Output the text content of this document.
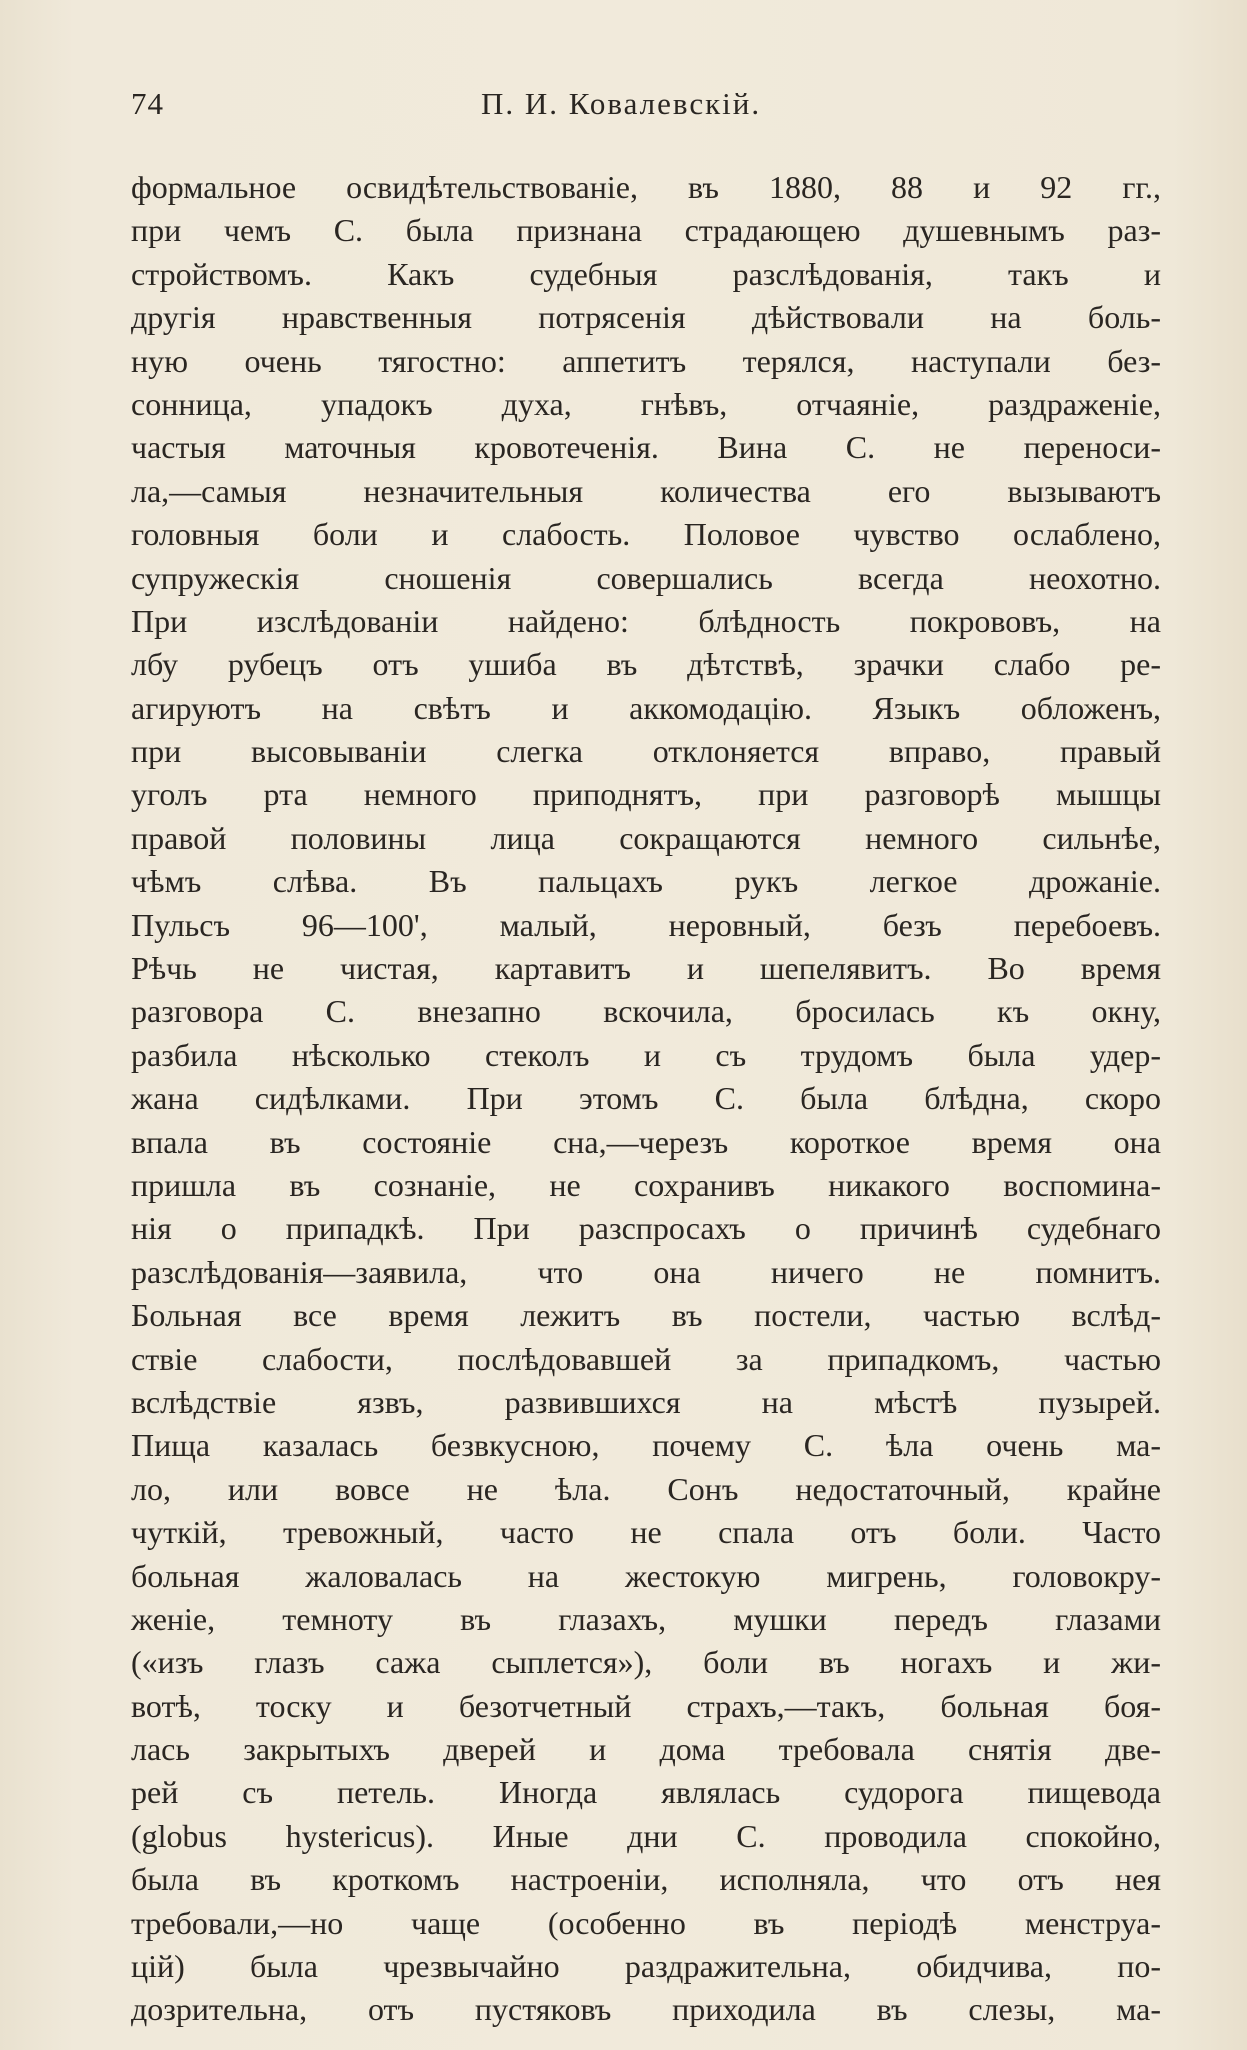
74	П. И. Ковалевскій.
формальное освидѣтельствованіе, въ 1880, 88 и 92 гг.,
при чемъ С. была признана страдающею душевнымъ раз-
стройствомъ. Какъ судебныя разслѣдованія, такъ и
другія нравственныя потрясенія дѣйствовали на боль-
ную очень тягостно: аппетитъ терялся, наступали без-
сонница, упадокъ духа, гнѣвъ, отчаяніе, раздраженіе,
частыя маточныя кровотеченія. Вина С. не переноси-
ла,—самыя незначительныя количества его вызываютъ
головныя боли и слабость. Половое чувство ослаблено,
супружескія сношенія совершались всегда неохотно.
При изслѣдованіи найдено: блѣдность покрововъ, на
лбу рубецъ отъ ушиба въ дѣтствѣ, зрачки слабо ре-
агируютъ на свѣтъ и аккомодацію. Языкъ обложенъ,
при высовываніи слегка отклоняется вправо, правый
уголъ рта немного приподнятъ, при разговорѣ мышцы
правой половины лица сокращаются немного сильнѣе,
чѣмъ слѣва. Въ пальцахъ рукъ легкое дрожаніе.
Пульсъ 96—100', малый, неровный, безъ перебоевъ.
Рѣчь не чистая, картавитъ и шепелявитъ. Во время
разговора С. внезапно вскочила, бросилась къ окну,
разбила нѣсколько стеколъ и съ трудомъ была удер-
жана сидѣлками. При этомъ С. была блѣдна, скоро
впала въ состояніе сна,—черезъ короткое время она
пришла въ сознаніе, не сохранивъ никакого воспомина-
нія о припадкѣ. При разспросахъ о причинѣ судебнаго
разслѣдованія—заявила, что она ничего не помнитъ.
Больная все время лежитъ въ постели, частью вслѣд-
ствіе слабости, послѣдовавшей за припадкомъ, частью
вслѣдствіе язвъ, развившихся на мѣстѣ пузырей.
Пища казалась безвкусною, почему С. ѣла очень ма-
ло, или вовсе не ѣла. Сонъ недостаточный, крайне
чуткій, тревожный, часто не спала отъ боли. Часто
больная жаловалась на жестокую мигрень, головокру-
женіе, темноту въ глазахъ, мушки передъ глазами
(«изъ глазъ сажа сыплется»), боли въ ногахъ и жи-
вотѣ, тоску и безотчетный страхъ,—такъ, больная боя-
лась закрытыхъ дверей и дома требовала снятія две-
рей съ петель. Иногда являлась судорога пищевода
(globus hystericus). Иные дни С. проводила спокойно,
была въ кроткомъ настроеніи, исполняла, что отъ нея
требовали,—но чаще (особенно въ періодѣ менструа-
цій) была чрезвычайно раздражительна, обидчива, по-
дозрительна, отъ пустяковъ приходила въ слезы, ма-
